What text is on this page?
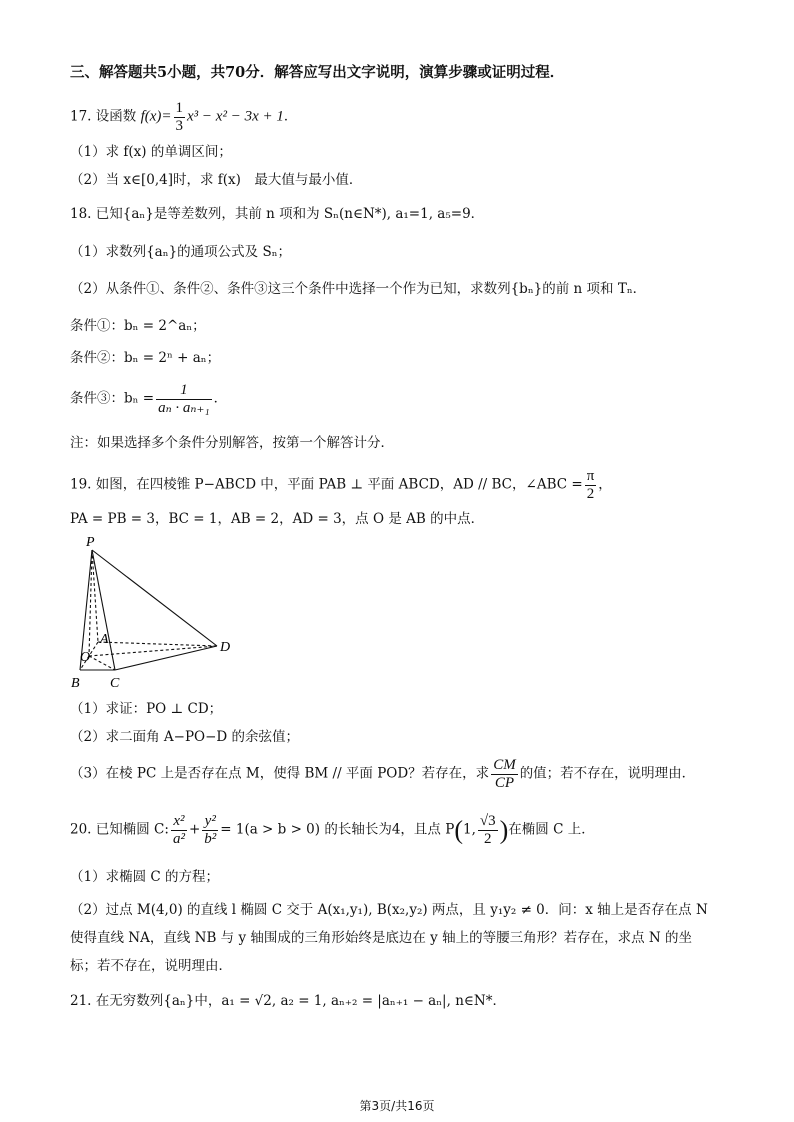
三、解答题共5小题，共70分．解答应写出文字说明，演算步骤或证明过程．
17. 设函数 $f(x)= \frac{1}{3} x^3 - x^2 - 3x + 1$．
（1）求 f(x) 的单调区间；
（2）当 x∈[0,4]时，求 f(x)　最大值与最小值．
18. 已知{aₙ}是等差数列，其前 n 项和为 Sₙ(n∈N*), a₁=1, a₅=9．
（1）求数列{aₙ}的通项公式及 Sₙ；
（2）从条件①、条件②、条件③这三个条件中选择一个作为已知，求数列{bₙ}的前 n 项和 Tₙ．
条件①：bₙ = 2^aₙ；
条件②：bₙ = 2ⁿ + aₙ；
条件③：$b_n = \frac{1}{\text{aₙ · aₙ₊₁}}$ ．
注：如果选择多个条件分别解答，按第一个解答计分．
19. 如图，在四棱锥 P−ABCD 中，平面 PAB ⊥ 平面 ABCD，AD // BC，∠ABC = $\frac{\pi}{2}$ ，
PA = PB = 3，BC = 1，AB = 2，AD = 3，点 O 是 AB 的中点．
P
A
O
B C
D
（1）求证：PO ⊥ CD；
（2）求二面角 A−PO−D 的余弦值；
（3）在棱 PC 上是否存在点 M，使得 BM // 平面 POD？若存在，求 $\frac{CM}{CP}$ 的值；若不存在，说明理由．
20. 已知椭圆 C: $\frac{\text{x²}}{\text{a²}} + \frac{\text{y²}}{\text{b²}} = 1(a > b > 0)$ 的长轴长为4，且点 P(1, $\frac{√3}{2}$ )在椭圆 C 上．
（1）求椭圆 C 的方程；
（2）过点 M(4,0) 的直线 l 椭圆 C 交于 A(x₁,y₁), B(x₂,y₂) 两点，且 y₁y₂ ≠ 0．问：x 轴上是否存在点 N
使得直线 NA，直线 NB 与 y 轴围成的三角形始终是底边在 y 轴上的等腰三角形？若存在，求点 N 的坐
标；若不存在，说明理由．
21. 在无穷数列{aₙ}中，a₁ = √2, a₂ = 1, aₙ₊₂ = |aₙ₊₁ − aₙ|, n∈N*．
第3页/共16页
